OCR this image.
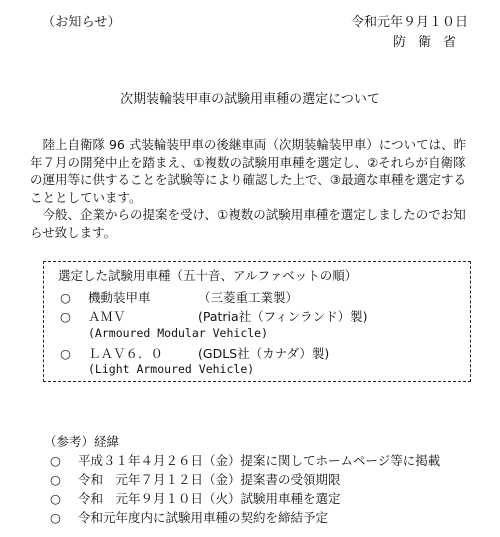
（お知らせ）	令和元年９月１０日
防衛省
次期装輪装甲車の試験用車種の選定について

陸上自衛隊 96 式装輪装甲車の後継車両（次期装輪装甲車）については、昨年７月の開発中止を踏まえ、①複数の試験用車種を選定し、②それらが自衛隊の運用等に供することを試験等により確認した上で、③最適な車種を選定することとしています。

今般、企業からの提案を受け、①複数の試験用車種を選定しましたのでお知らせ致します。

選定した試験用車種（五十音、アルファベットの順）
○ 機動装甲車	（三菱重工業製）
○ ＡＭＶ	(Patria社（フィンランド）製)
(Armoured Modular Vehicle)
○ ＬＡＶ６．０	(GDLS社（カナダ）製)
(Light Armoured Vehicle)
（参考）経緯
○ 平成３１年４月２６日（金）提案に関してホームページ等に掲載
○ 令和　元年７月１２日（金）提案書の受領期限
○ 令和　元年９月１０日（火）試験用車種を選定
○ 令和元年度内に試験用車種の契約を締結予定
